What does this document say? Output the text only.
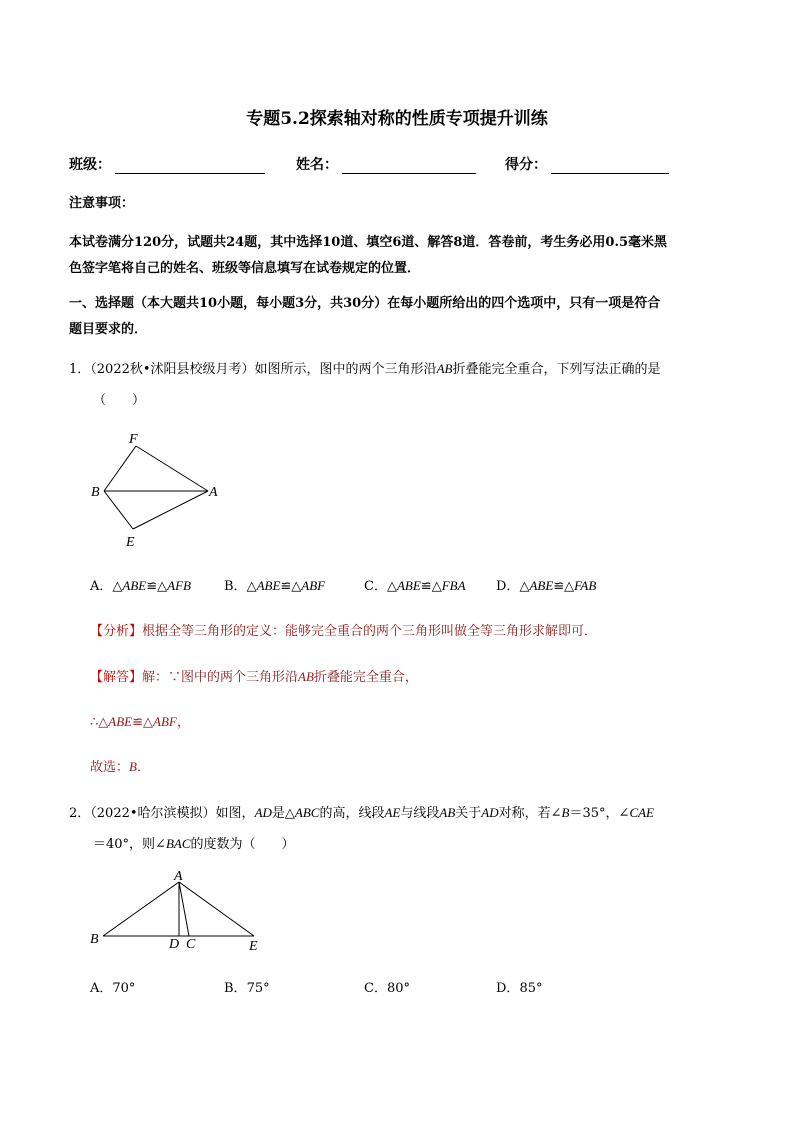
专题5.2探索轴对称的性质专项提升训练
班级：	姓名：	得分：
注意事项：
本试卷满分120分，试题共24题，其中选择10道、填空6道、解答8道．答卷前，考生务必用0.5毫米黑
色签字笔将自己的姓名、班级等信息填写在试卷规定的位置．
一、选择题（本大题共10小题，每小题3分，共30分）在每小题所给出的四个选项中，只有一项是符合
题目要求的．
1．（2022秋•沭阳县校级月考）如图所示，图中的两个三角形沿AB折叠能完全重合，下列写法正确的是
（　　）
F
B	A
E
A．△ABE≌△AFB	B．△ABE≌△ABF	C．△ABE≌△FBA D．△ABE≌△FAB
【分析】根据全等三角形的定义：能够完全重合的两个三角形叫做全等三角形求解即可．
【解答】解：∵图中的两个三角形沿AB折叠能完全重合，
∴△ABE≌△ABF，
故选：B．
2．（2022•哈尔滨模拟）如图，AD是△ABC的高，线段AE与线段AB关于AD对称，若∠B＝35°，∠CAE
＝40°，则∠BAC的度数为（　　）
A
B	D C	E
A．70°	B．75°	C．80°	D．85°
